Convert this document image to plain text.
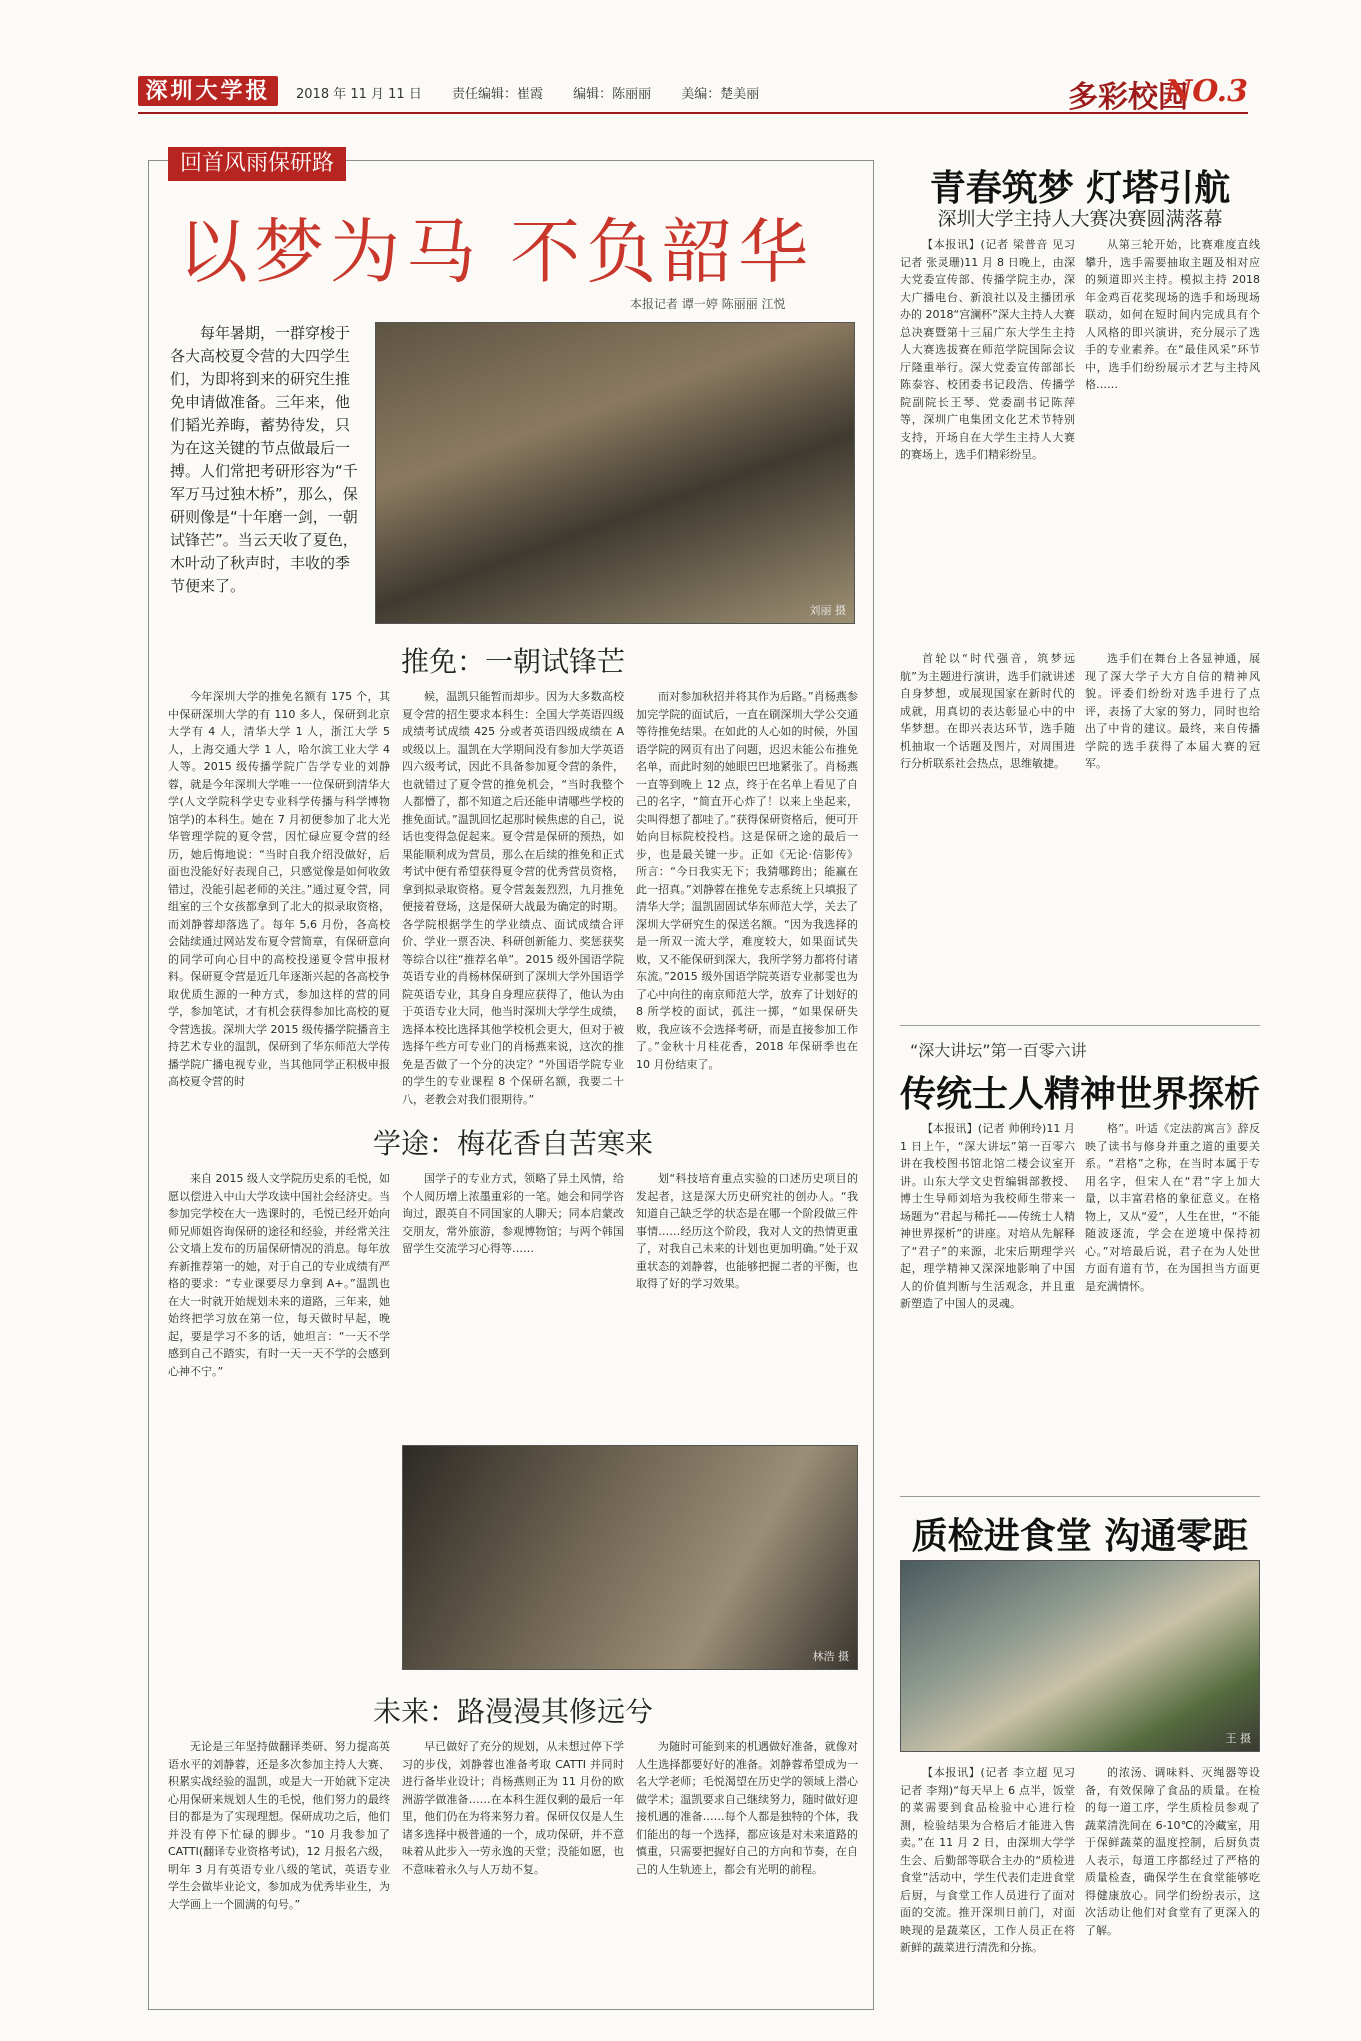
深圳大学报	2018 年 11 月 11 日 责任编辑：崔霞 编辑：陈丽丽 美编：楚美丽	多彩校园
NO.3
回首风雨保研路
以梦为马 不负韶华
本报记者 谭一婷 陈丽丽 江悦
每年暑期，一群穿梭于各大高校夏令营的大四学生们，为即将到来的研究生推免申请做准备。三年来，他们韬光养晦，蓄势待发，只为在这关键的节点做最后一搏。人们常把考研形容为“千军万马过独木桥”，那么，保研则像是“十年磨一剑，一朝试锋芒”。当云天收了夏色，木叶动了秋声时，丰收的季节便来了。
刘丽 摄
推免：一朝试锋芒
今年深圳大学的推免名额有 175 个，其中保研深圳大学的有 110 多人，保研到北京大学有 4 人，清华大学 1 人，浙江大学 5 人，上海交通大学 1 人，哈尔滨工业大学 4 人等。2015 级传播学院广告学专业的刘静蓉，就是今年深圳大学唯一一位保研到清华大学(人文学院科学史专业科学传播与科学博物馆学)的本科生。她在 7 月初便参加了北大光华管理学院的夏令营，因忙碌应夏令营的经历，她后悔地说：“当时自我介绍没做好，后面也没能好好表现自己，只感觉像是如何收敛错过，没能引起老师的关注。”通过夏令营，同组室的三个女孩都拿到了北大的拟录取资格，而刘静蓉却落选了。每年 5,6 月份，各高校会陆续通过网站发布夏令营简章，有保研意向的同学可向心目中的高校投递夏令营申报材料。保研夏令营是近几年逐渐兴起的各高校争取优质生源的一种方式，参加这样的营的同学，参加笔试，才有机会获得参加比高校的夏令营选拔。深圳大学 2015 级传播学院播音主持艺术专业的温凯，保研到了华东师范大学传播学院广播电视专业，当其他同学正积极申报高校夏令营的时
候，温凯只能暂而却步。因为大多数高校夏令营的招生要求本科生：全国大学英语四级成绩考试成绩 425 分或者英语四级成绩在 A 或级以上。温凯在大学期间没有参加大学英语四六级考试，因此不具备参加夏令营的条件，也就错过了夏令营的推免机会，“当时我整个人都懵了，都不知道之后还能申请哪些学校的推免面试。”温凯回忆起那时候焦虑的自己，说话也变得急促起来。夏令营是保研的预热，如果能顺利成为营员，那么在后续的推免和正式考试中便有希望获得夏令营的优秀营员资格，拿到拟录取资格。夏令营轰轰烈烈，九月推免便接着登场，这是保研大战最为确定的时期。各学院根据学生的学业绩点、面试成绩合评价、学业一票否决、科研创新能力、奖惩获奖等综合以往“推荐名单”。2015 级外国语学院英语专业的肖杨林保研到了深圳大学外国语学院英语专业，其身自身理应获得了，他认为由于英语专业大同，他当时深圳大学学生成绩，选择本校比选择其他学校机会更大，但对于被选择午些方可专业门的肖杨燕来说，这次的推免是否做了一个分的决定？“外国语学院专业的学生的专业课程 8 个保研名额，我要二十八，老教会对我们很期待。”
而对参加秋招并将其作为后路。”肖杨燕参加完学院的面试后，一直在刷深圳大学公交通等待推免结果。在如此的人心如的时候，外国语学院的网页有出了问题，迟迟未能公布推免名单，而此时刻的她眼巴巴地紧张了。肖杨燕一直等到晚上 12 点，终于在名单上看见了自己的名字，“简直开心炸了！以来上坐起来，尖叫得想了都哇了。”获得保研资格后，便可开始向目标院校投档。这是保研之途的最后一步，也是最关键一步。正如《无论·信影传》所言：“今日我实无下；我猜哪跨出；能赢在此一招真。”刘静蓉在推免专志系统上只填报了清华大学；温凯固固试华东师范大学，关去了深圳大学研究生的保送名额。“因为我选择的是一所双一流大学，难度较大，如果面试失败，又不能保研到深大，我所学努力都将付诸东流。”2015 级外国语学院英语专业郝雯也为了心中向往的南京师范大学，放弃了计划好的 8 所学校的面试，孤注一掷，“如果保研失败，我应该不会选择考研，而是直接参加工作了。”金秋十月桂花香，2018 年保研季也在 10 月份结束了。
学途：梅花香自苦寒来
来自 2015 级人文学院历史系的毛悦，如愿以偿进入中山大学攻读中国社会经济史。当参加完学校在大一选课时的，毛悦已经开始向师兄师姐咨询保研的途径和经验，并经常关注公文墙上发布的历届保研情况的消息。每年放弃新推荐第一的她，对于自己的专业成绩有严格的要求：“专业课要尽力拿到 A+。”温凯也在大一时就开始规划未来的道路，三年来，她始终把学习放在第一位，每天做时早起，晚起，要是学习不多的话，她坦言：“一天不学感到自己不踏实，有时一天一天不学的会感到心神不宁。”
国学子的专业方式，领略了异土风情，给个人阅历增上浓墨重彩的一笔。她会和同学咨询过，跟英自不同国家的人聊天；同本启蒙改交朋友，常外旅游，参观博物馆；与两个韩国留学生交流学习心得等……
划“科技培育重点实验的口述历史项目的发起者，这是深大历史研究社的创办人。“我知道自己缺乏学的状态是在哪一个阶段做三件事情……经历这个阶段，我对人文的热情更重了，对我自己未来的计划也更加明确。”处于双重状态的刘静蓉，也能够把握二者的平衡，也取得了好的学习效果。
林浩 摄
未来：路漫漫其修远兮
无论是三年坚持做翻译类研、努力提高英语水平的刘静蓉，还是多次参加主持人大赛、积累实战经验的温凯，或是大一开始就下定决心用保研来规划人生的毛悦，他们努力的最终目的都是为了实现理想。保研成功之后，他们并没有停下忙碌的脚步。“10 月我参加了 CATTI(翻译专业资格考试)，12 月报名六级，明年 3 月有英语专业八级的笔试，英语专业学生会做毕业论文，参加成为优秀毕业生，为大学画上一个圆满的句号。”
早已做好了充分的规划，从未想过停下学习的步伐，刘静蓉也准备考取 CATTI 并同时进行备毕业设计；肖杨燕则正为 11 月份的欧洲游学做准备……在本科生涯仅剩的最后一年里，他们仍在为将来努力着。保研仅仅是人生诸多选择中极普通的一个，成功保研，并不意味着从此步入一劳永逸的天堂；没能如愿，也不意味着永久与人万劫不复。
为随时可能到来的机遇做好准备，就像对人生选择都要好好的准备。刘静蓉希望成为一名大学老师；毛悦渴望在历史学的领域上潜心做学术；温凯要求自己继续努力，随时做好迎接机遇的准备……每个人都是独特的个体，我们能出的每一个选择，都应该是对未来道路的慎重，只需要把握好自己的方向和节奏，在自己的人生轨迹上，都会有光明的前程。
青春筑梦 灯塔引航
深圳大学主持人大赛决赛圆满落幕
【本报讯】(记者 梁普音 见习记者 张灵珊)11 月 8 日晚上，由深大党委宣传部、传播学院主办，深大广播电台、新浪社以及主播团承办的 2018“宫澜杯”深大主持人大赛总决赛暨第十三届广东大学生主持人大赛选拔赛在师范学院国际会议厅隆重举行。深大党委宣传部部长陈泰容、校团委书记段浩、传播学院副院长王琴、党委副书记陈萍等，深圳广电集团文化艺术节特别支持，开场自在大学生主持人大赛的赛场上，选手们精彩纷呈。
从第三轮开始，比赛难度直线攀升，选手需要抽取主题及相对应的频道即兴主持。模拟主持 2018 年金鸡百花奖现场的选手和场现场联动，如何在短时间内完成具有个人风格的即兴演讲，充分展示了选手的专业素养。在“最佳风采”环节中，选手们纷纷展示才艺与主持风格……
首轮以“时代强音，筑梦远航”为主题进行演讲，选手们就讲述自身梦想，或展现国家在新时代的成就，用真切的表达彰显心中的中华梦想。在即兴表达环节，选手随机抽取一个话题及图片，对周围进行分析联系社会热点，思维敏捷。
选手们在舞台上各显神通，展现了深大学子大方自信的精神风貌。评委们纷纷对选手进行了点评，表扬了大家的努力，同时也给出了中肯的建议。最终，来自传播学院的选手获得了本届大赛的冠军。
“深大讲坛”第一百零六讲
传统士人精神世界探析
【本报讯】(记者 帅俐玲)11 月 1 日上午，“深大讲坛”第一百零六讲在我校图书馆北馆二楼会议室开讲。山东大学文史哲编辑部教授、博士生导师刘培为我校师生带来一场题为“君起与稀托——传统士人精神世界探析”的讲座。对培从先解释了“君子”的来源，北宋后期理学兴起，理学精神又深深地影响了中国人的价值判断与生活观念，并且重新塑造了中国人的灵魂。
格”。叶适《定法韵寓言》辞反映了读书与修身并重之道的重要关系。“君格”之称，在当时本属于专用名字，但宋人在“君”字上加大量，以丰富君格的象征意义。在格物上，又从“爱”，人生在世，“不能随波逐流，学会在逆境中保持初心。”对培最后说，君子在为人处世方面有道有节，在为国担当方面更是充满情怀。
质检进食堂 沟通零距
王 摄
【本报讯】(记者 李立超 见习记者 李翔)“每天早上 6 点半，饭堂的菜需要到食品检验中心进行检测，检验结果为合格后才能进入售卖。”在 11 月 2 日，由深圳大学学生会、后勤部等联合主办的“质检进食堂”活动中，学生代表们走进食堂后厨，与食堂工作人员进行了面对面的交流。推开深圳日前门，对面映现的是蔬菜区，工作人员正在将新鲜的蔬菜进行清洗和分拣。
的浓汤、调味料、灭绳器等设备，有效保障了食品的质量。在检的每一道工序，学生质检员参观了蔬菜清洗间在 6-10℃的冷藏室，用于保鲜蔬菜的温度控制，后厨负责人表示，每道工序都经过了严格的质量检查，确保学生在食堂能够吃得健康放心。同学们纷纷表示，这次活动让他们对食堂有了更深入的了解。
